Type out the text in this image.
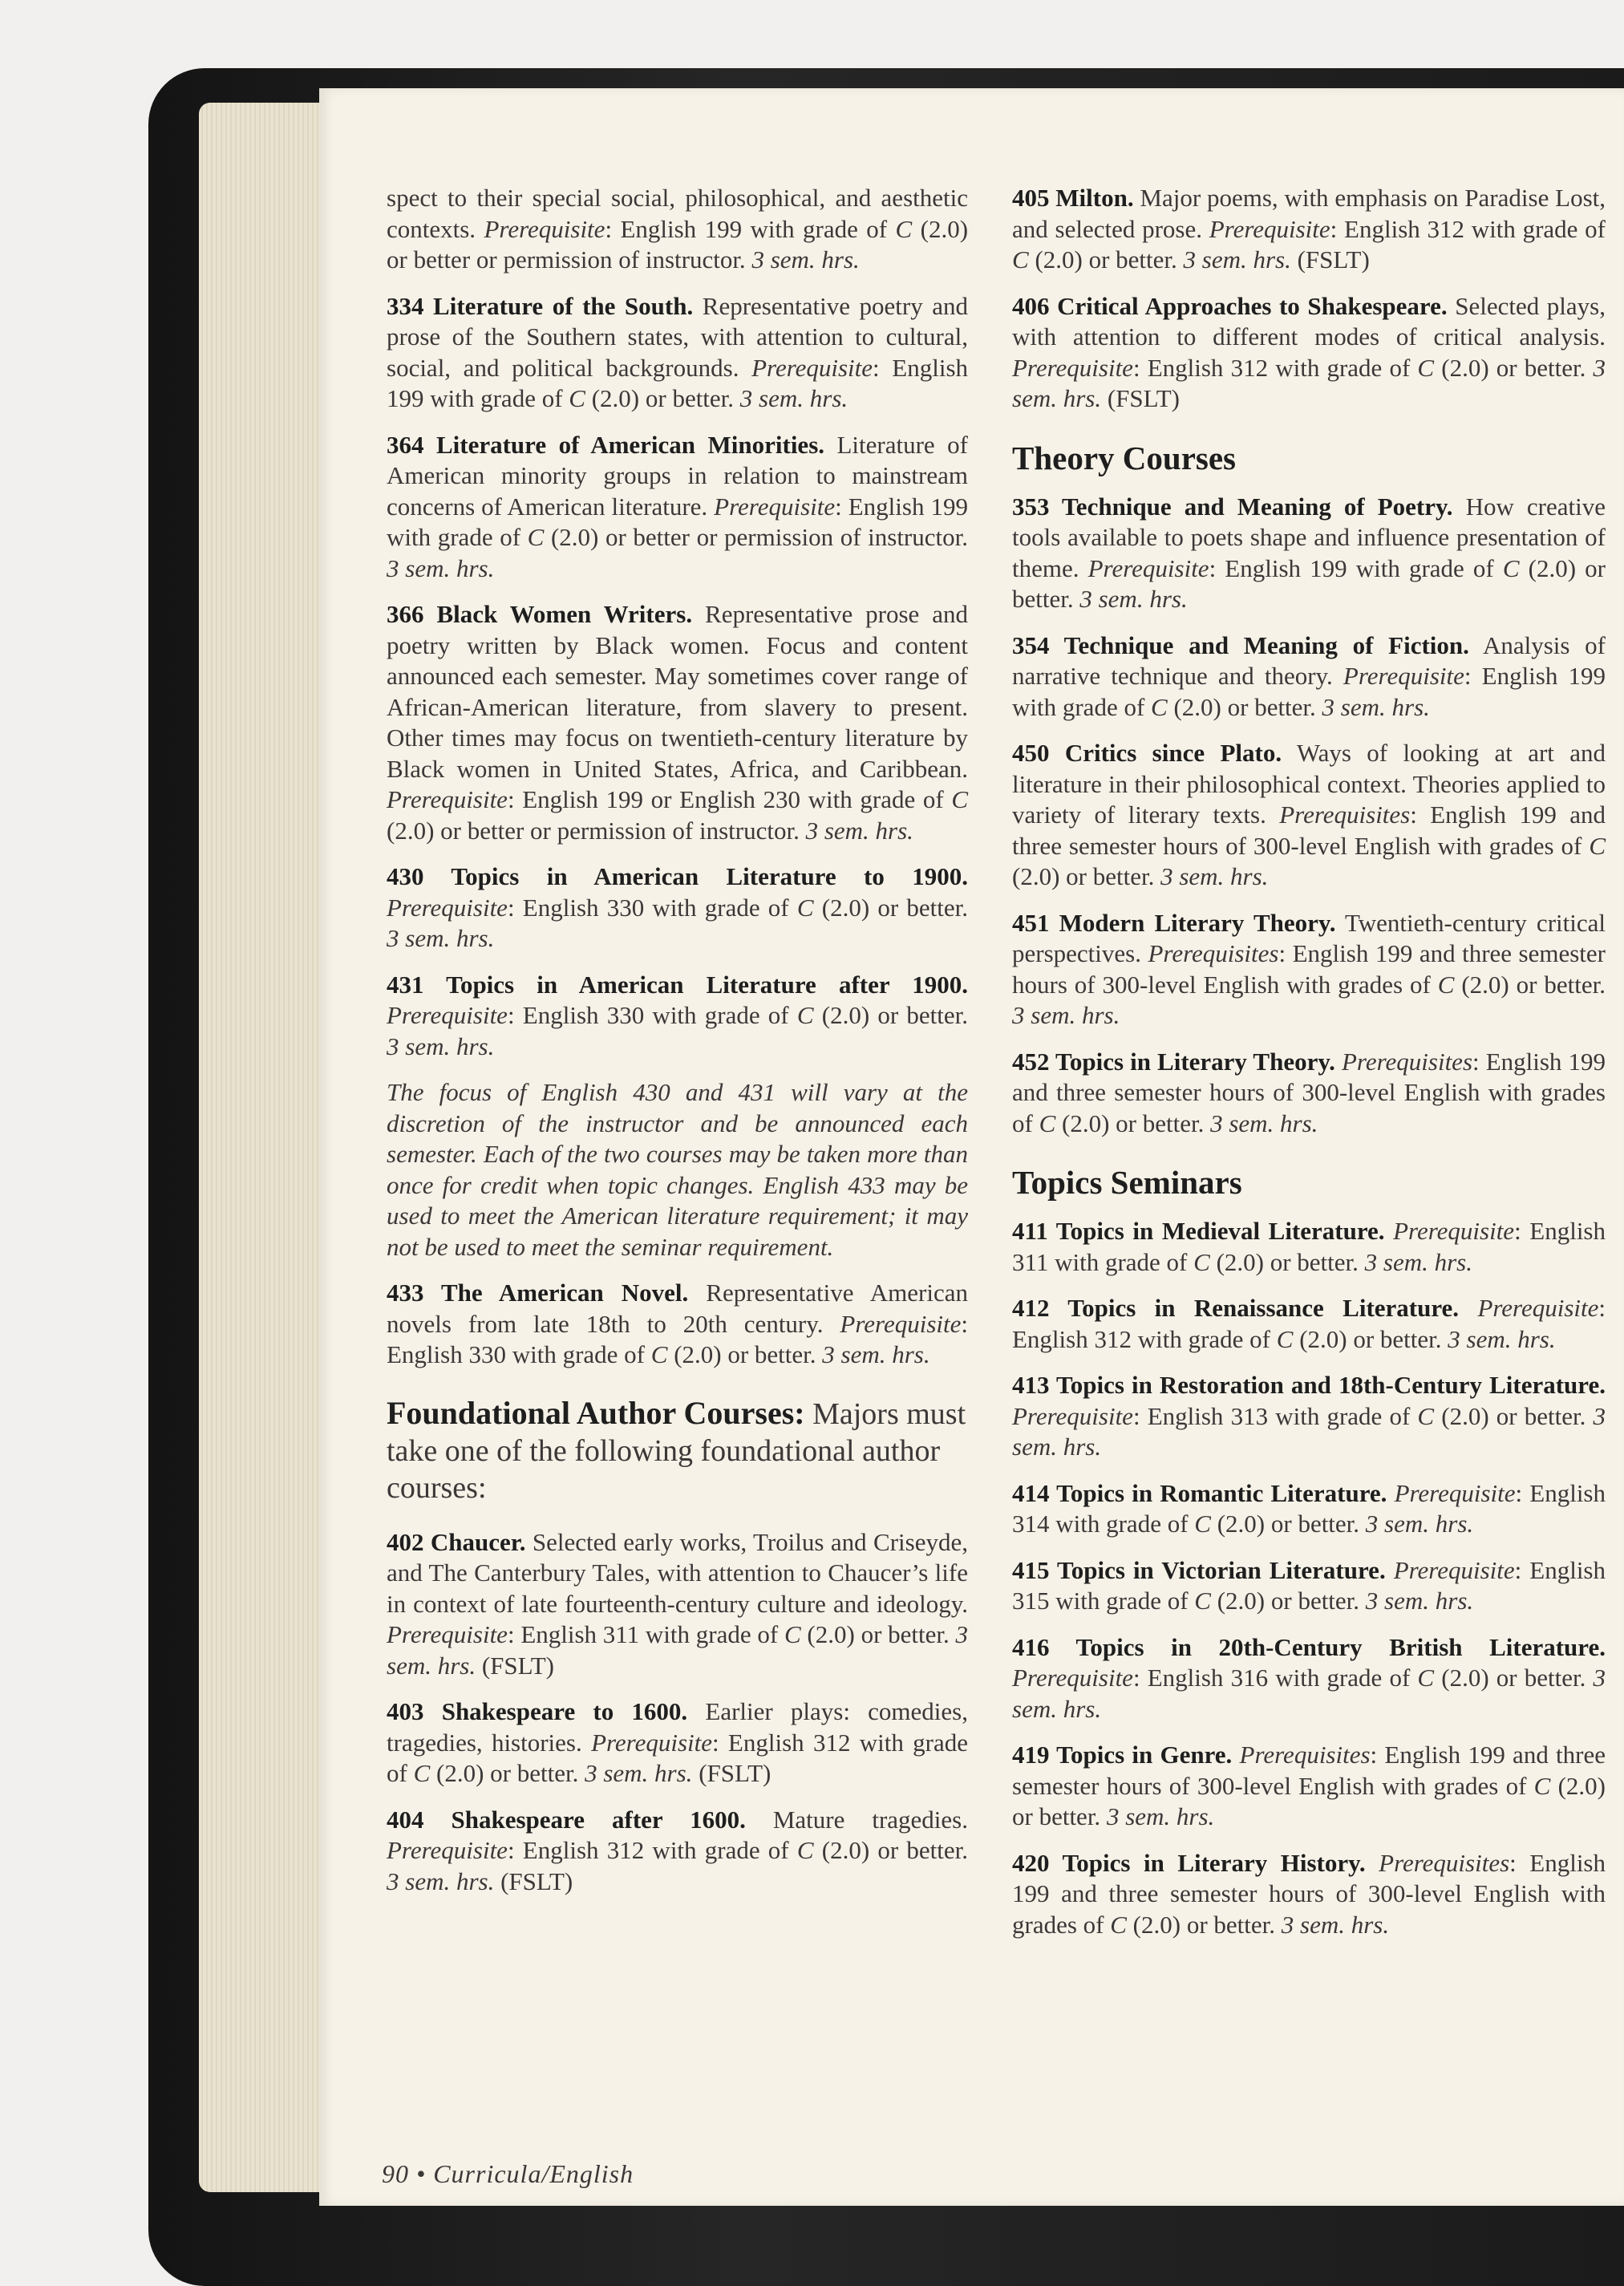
spect to their special social, philosophical, and aesthetic contexts. Prerequisite: English 199 with grade of C (2.0) or better or permission of instructor. 3 sem. hrs.

334 Literature of the South. Representative poetry and prose of the Southern states, with attention to cultural, social, and political backgrounds. Prerequisite: English 199 with grade of C (2.0) or better. 3 sem. hrs.

364 Literature of American Minorities. Literature of American minority groups in relation to mainstream concerns of American literature. Prerequisite: English 199 with grade of C (2.0) or better or permission of instructor. 3 sem. hrs.

366 Black Women Writers. Representative prose and poetry written by Black women. Focus and content announced each semester. May sometimes cover range of African-American literature, from slavery to present. Other times may focus on twentieth-century literature by Black women in United States, Africa, and Caribbean. Prerequisite: English 199 or English 230 with grade of C (2.0) or better or permission of instructor. 3 sem. hrs.

430 Topics in American Literature to 1900. Prerequisite: English 330 with grade of C (2.0) or better. 3 sem. hrs.

431 Topics in American Literature after 1900. Prerequisite: English 330 with grade of C (2.0) or better. 3 sem. hrs.

The focus of English 430 and 431 will vary at the discretion of the instructor and be announced each semester. Each of the two courses may be taken more than once for credit when topic changes. English 433 may be used to meet the American literature requirement; it may not be used to meet the seminar requirement.

433 The American Novel. Representative American novels from late 18th to 20th century. Prerequisite: English 330 with grade of C (2.0) or better. 3 sem. hrs.

Foundational Author Courses: Majors must take one of the following foundational author courses:

402 Chaucer. Selected early works, Troilus and Criseyde, and The Canterbury Tales, with attention to Chaucer’s life in context of late fourteenth-century culture and ideology. Prerequisite: English 311 with grade of C (2.0) or better. 3 sem. hrs. (FSLT)

403 Shakespeare to 1600. Earlier plays: comedies, tragedies, histories. Prerequisite: English 312 with grade of C (2.0) or better. 3 sem. hrs. (FSLT)

404 Shakespeare after 1600. Mature tragedies. Prerequisite: English 312 with grade of C (2.0) or better. 3 sem. hrs. (FSLT)

405 Milton. Major poems, with emphasis on Paradise Lost, and selected prose. Prerequisite: English 312 with grade of C (2.0) or better. 3 sem. hrs. (FSLT)

406 Critical Approaches to Shakespeare. Selected plays, with attention to different modes of critical analysis. Prerequisite: English 312 with grade of C (2.0) or better. 3 sem. hrs. (FSLT)

Theory Courses

353 Technique and Meaning of Poetry. How creative tools available to poets shape and influence presentation of theme. Prerequisite: English 199 with grade of C (2.0) or better. 3 sem. hrs.

354 Technique and Meaning of Fiction. Analysis of narrative technique and theory. Prerequisite: English 199 with grade of C (2.0) or better. 3 sem. hrs.

450 Critics since Plato. Ways of looking at art and literature in their philosophical context. Theories applied to variety of literary texts. Prerequisites: English 199 and three semester hours of 300-level English with grades of C (2.0) or better. 3 sem. hrs.

451 Modern Literary Theory. Twentieth-century critical perspectives. Prerequisites: English 199 and three semester hours of 300-level English with grades of C (2.0) or better. 3 sem. hrs.

452 Topics in Literary Theory. Prerequisites: English 199 and three semester hours of 300-level English with grades of C (2.0) or better. 3 sem. hrs.

Topics Seminars

411 Topics in Medieval Literature. Prerequisite: English 311 with grade of C (2.0) or better. 3 sem. hrs.

412 Topics in Renaissance Literature. Prerequisite: English 312 with grade of C (2.0) or better. 3 sem. hrs.

413 Topics in Restoration and 18th-Century Literature. Prerequisite: English 313 with grade of C (2.0) or better. 3 sem. hrs.

414 Topics in Romantic Literature. Prerequisite: English 314 with grade of C (2.0) or better. 3 sem. hrs.

415 Topics in Victorian Literature. Prerequisite: English 315 with grade of C (2.0) or better. 3 sem. hrs.

416 Topics in 20th-Century British Literature. Prerequisite: English 316 with grade of C (2.0) or better. 3 sem. hrs.

419 Topics in Genre. Prerequisites: English 199 and three semester hours of 300-level English with grades of C (2.0) or better. 3 sem. hrs.

420 Topics in Literary History. Prerequisites: English 199 and three semester hours of 300-level English with grades of C (2.0) or better. 3 sem. hrs.

90 • Curricula/English
